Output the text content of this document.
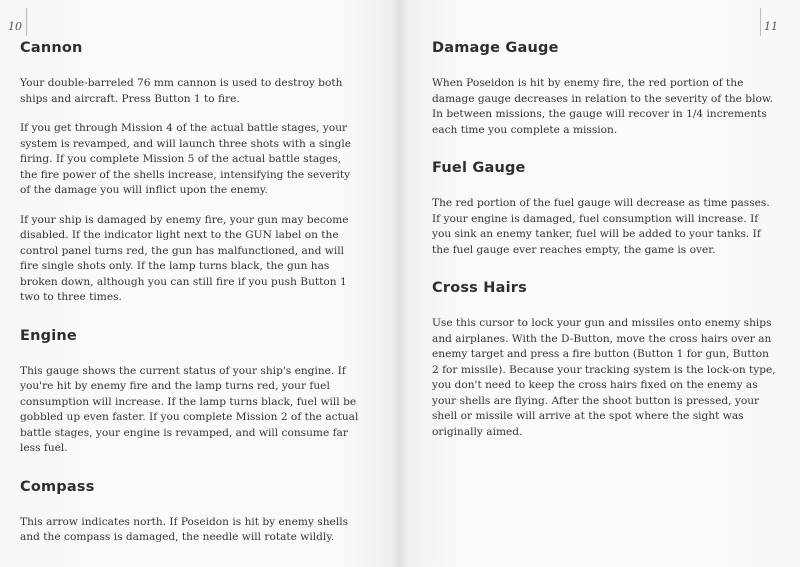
10	11
Cannon

Your double-barreled 76 mm cannon is used to destroy both ships and aircraft. Press Button 1 to fire.

If you get through Mission 4 of the actual battle stages, your system is revamped, and will launch three shots with a single firing. If you complete Mission 5 of the actual battle stages, the fire power of the shells increase, intensifying the severity of the damage you will inflict upon the enemy.

If your ship is damaged by enemy fire, your gun may become disabled. If the indicator light next to the GUN label on the control panel turns red, the gun has malfunctioned, and will fire single shots only. If the lamp turns black, the gun has broken down, although you can still fire if you push Button 1 two to three times.

Engine

This gauge shows the current status of your ship's engine. If you're hit by enemy fire and the lamp turns red, your fuel consumption will increase. If the lamp turns black, fuel will be gobbled up even faster. If you complete Mission 2 of the actual battle stages, your engine is revamped, and will consume far less fuel.

Compass

This arrow indicates north. If Poseidon is hit by enemy shells and the compass is damaged, the needle will rotate wildly.

Damage Gauge

When Poseidon is hit by enemy fire, the red portion of the damage gauge decreases in relation to the severity of the blow. In between missions, the gauge will recover in 1/4 increments each time you complete a mission.

Fuel Gauge

The red portion of the fuel gauge will decrease as time passes. If your engine is damaged, fuel consumption will increase. If you sink an enemy tanker, fuel will be added to your tanks. If the fuel gauge ever reaches empty, the game is over.

Cross Hairs

Use this cursor to lock your gun and missiles onto enemy ships and airplanes. With the D-Button, move the cross hairs over an enemy target and press a fire button (Button 1 for gun, Button 2 for missile). Because your tracking system is the lock-on type, you don't need to keep the cross hairs fixed on the enemy as your shells are flying. After the shoot button is pressed, your shell or missile will arrive at the spot where the sight was originally aimed.
